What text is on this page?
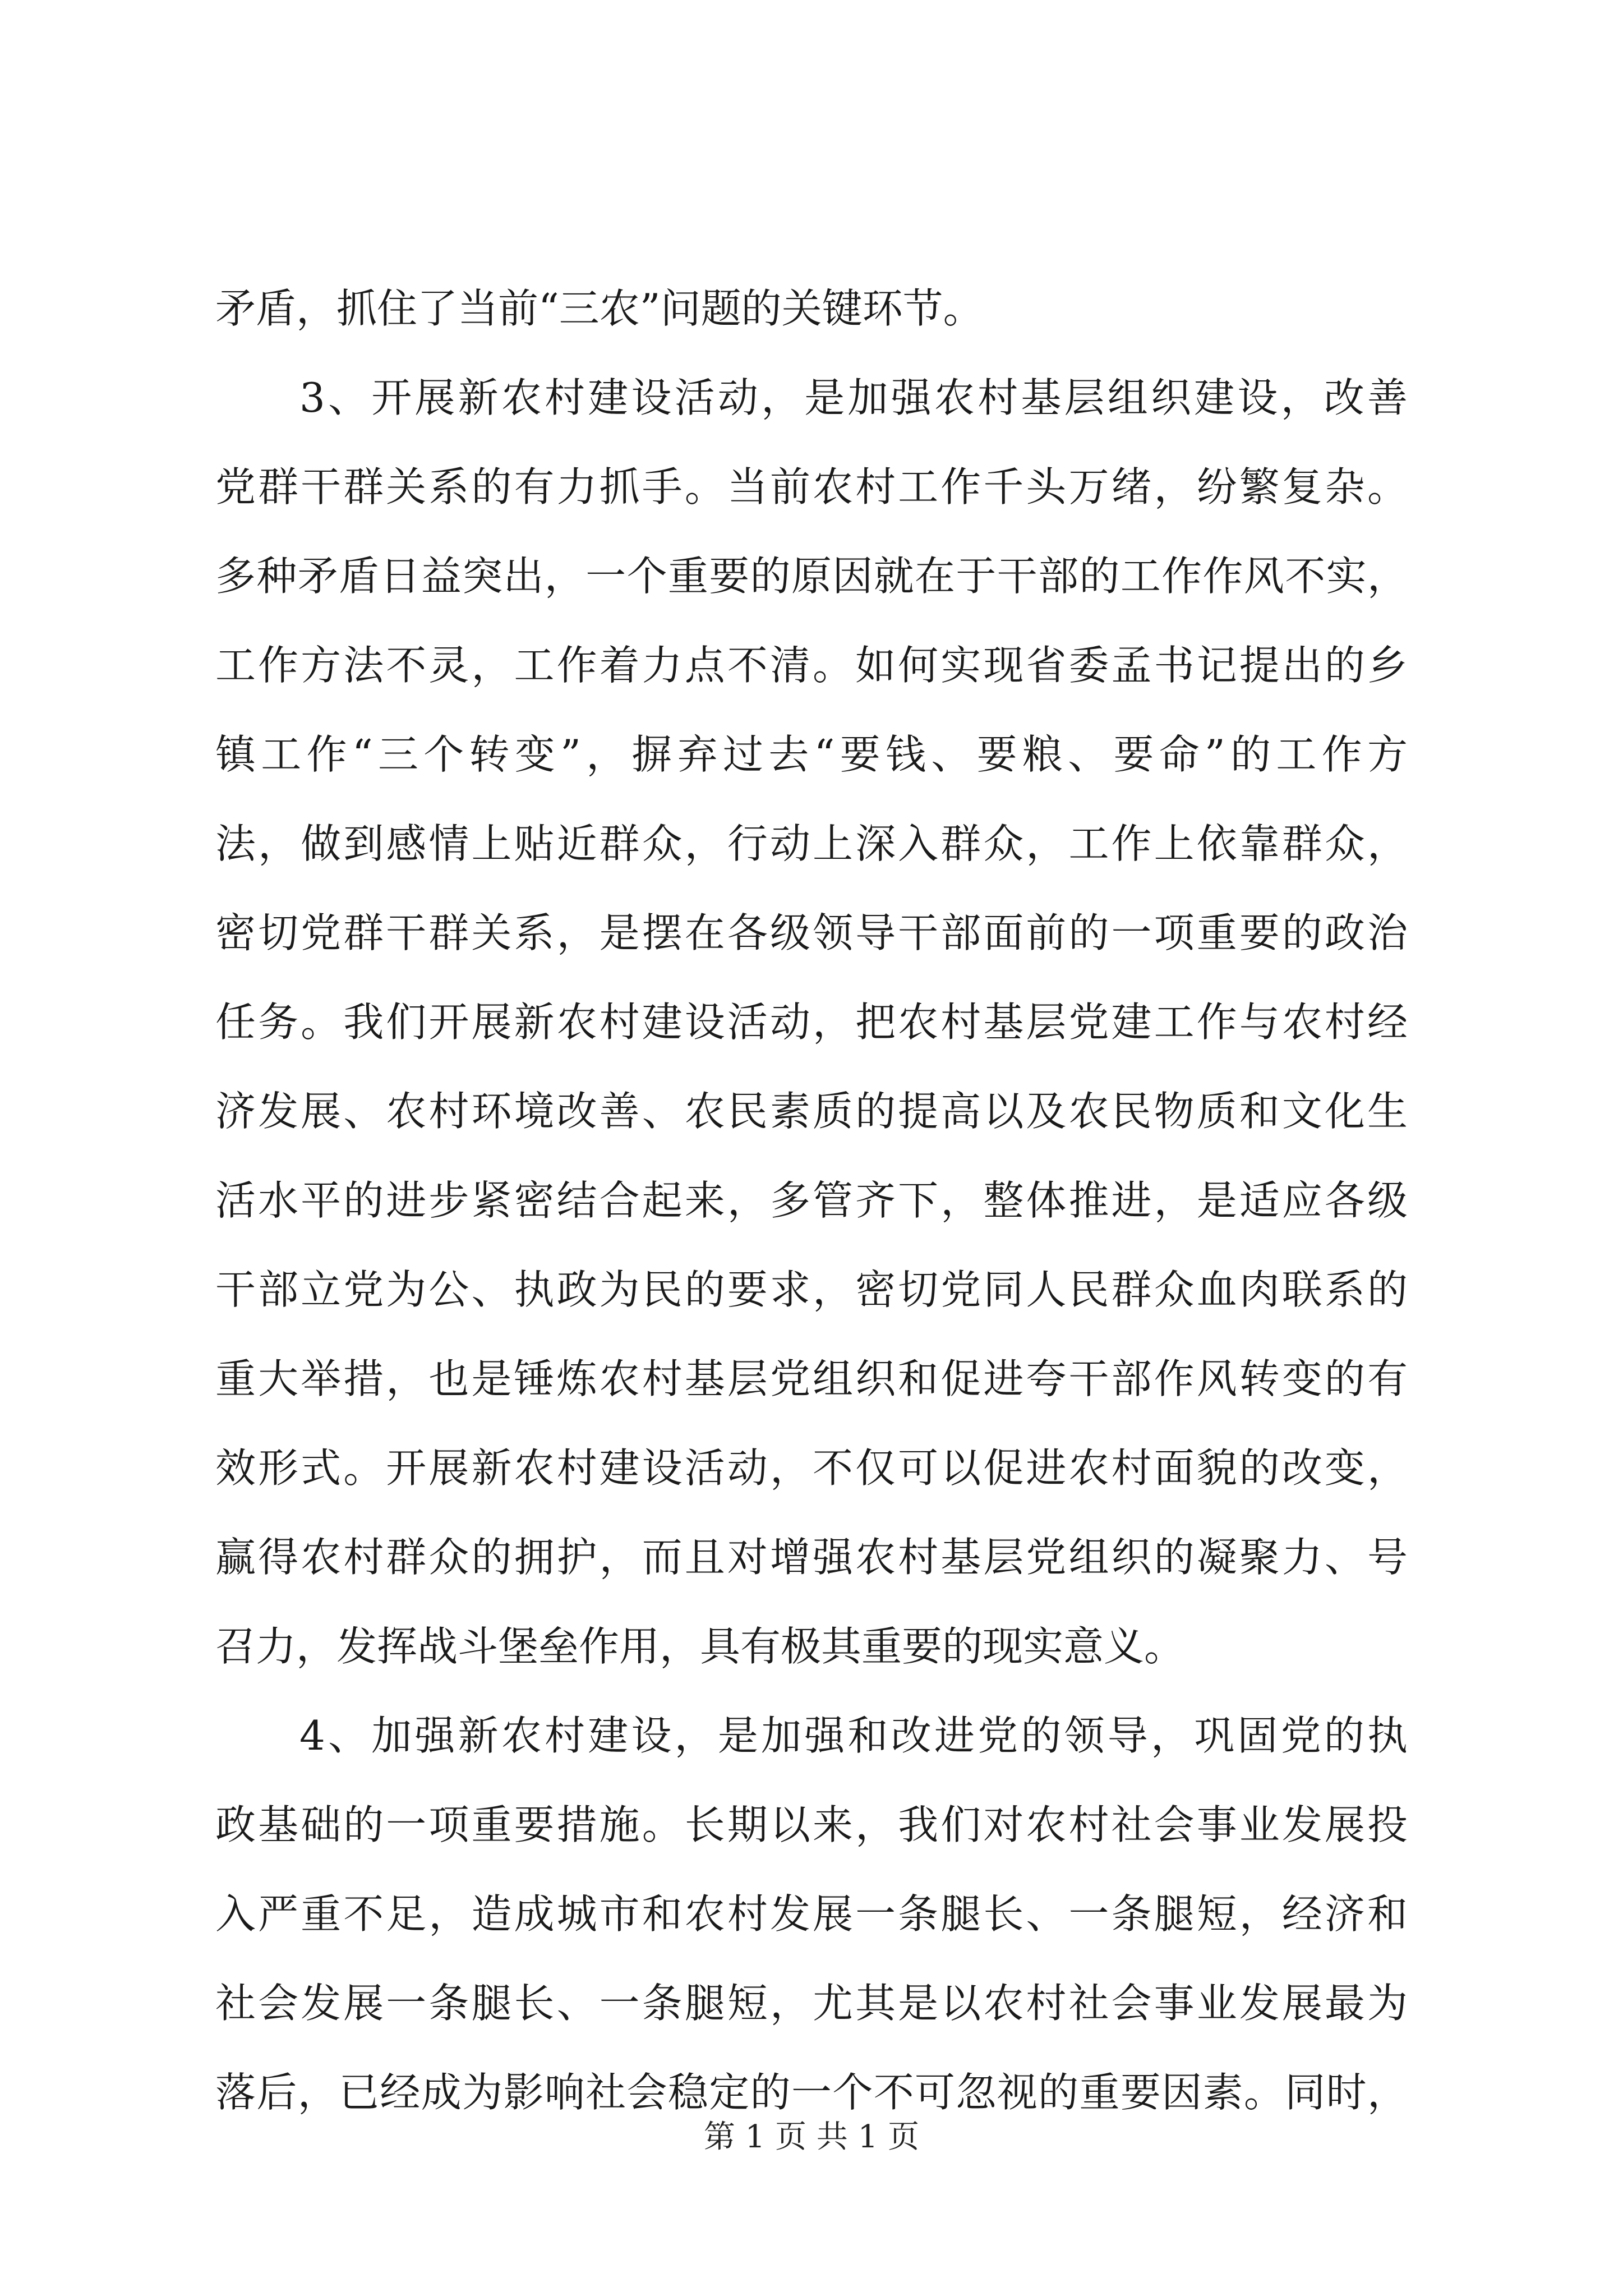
矛盾，抓住了当前“三农”问题的关键环节。
3、开展新农村建设活动，是加强农村基层组织建设，改善
党群干群关系的有力抓手。当前农村工作千头万绪，纷繁复杂。
多种矛盾日益突出，一个重要的原因就在于干部的工作作风不实，
工作方法不灵，工作着力点不清。如何实现省委孟书记提出的乡
镇工作“三个转变”，摒弃过去“要钱、要粮、要命”的工作方
法，做到感情上贴近群众，行动上深入群众，工作上依靠群众，
密切党群干群关系，是摆在各级领导干部面前的一项重要的政治
任务。我们开展新农村建设活动，把农村基层党建工作与农村经
济发展、农村环境改善、农民素质的提高以及农民物质和文化生
活水平的进步紧密结合起来，多管齐下，整体推进，是适应各级
干部立党为公、执政为民的要求，密切党同人民群众血肉联系的
重大举措，也是锤炼农村基层党组织和促进夸干部作风转变的有
效形式。开展新农村建设活动，不仅可以促进农村面貌的改变，
赢得农村群众的拥护，而且对增强农村基层党组织的凝聚力、号
召力，发挥战斗堡垒作用，具有极其重要的现实意义。
4、加强新农村建设，是加强和改进党的领导，巩固党的执
政基础的一项重要措施。长期以来，我们对农村社会事业发展投
第 1 页 共 1 页
入严重不足，造成城市和农村发展一条腿长、一条腿短，经济和
社会发展一条腿长、一条腿短，尤其是以农村社会事业发展最为
落后，已经成为影响社会稳定的一个不可忽视的重要因素。同时，
